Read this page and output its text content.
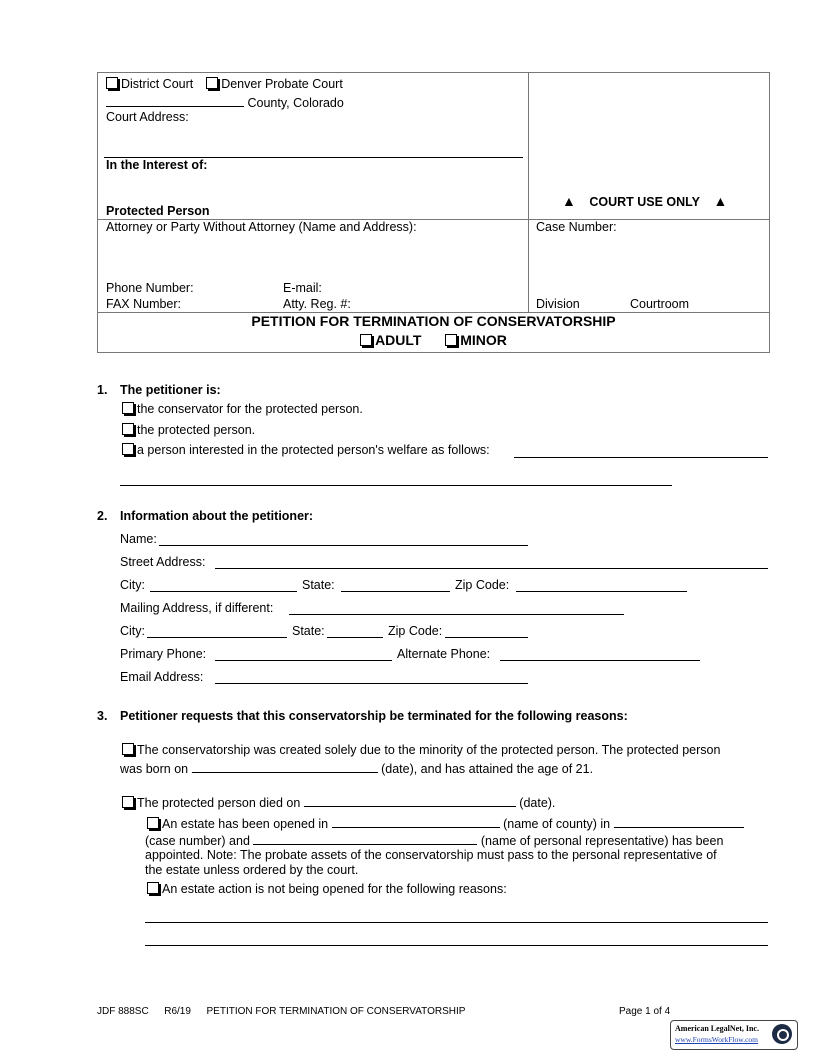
District Court Denver Probate Court
County, Colorado
Court Address:
In the Interest of:
Protected Person
▲ COURT USE ONLY ▲
Attorney or Party Without Attorney (Name and Address):
Phone Number:	E-mail:
FAX Number:	Atty. Reg. #:
Case Number:
Division	Courtroom
PETITION FOR TERMINATION OF CONSERVATORSHIP
ADULT	MINOR
1. The petitioner is:
the conservator for the protected person.
the protected person.
a person interested in the protected person's welfare as follows:
2. Information about the petitioner:
Name:
Street Address:
City:	State:	Zip Code:
Mailing Address, if different:
City:	State:	Zip Code:
Primary Phone:	Alternate Phone:
Email Address:
3. Petitioner requests that this conservatorship be terminated for the following reasons:
The conservatorship was created solely due to the minority of the protected person. The protected person
was born on	(date), and has attained the age of 21.
The protected person died on	(date).
An estate has been opened in	(name of county) in
(case number) and	(name of personal representative) has been
appointed. Note: The probate assets of the conservatorship must pass to the personal representative of
the estate unless ordered by the court.
An estate action is not being opened for the following reasons:
JDF 888SC R6/19 PETITION FOR TERMINATION OF CONSERVATORSHIP	Page 1 of 4
American LegalNet, Inc.
www.FormsWorkFlow.com
